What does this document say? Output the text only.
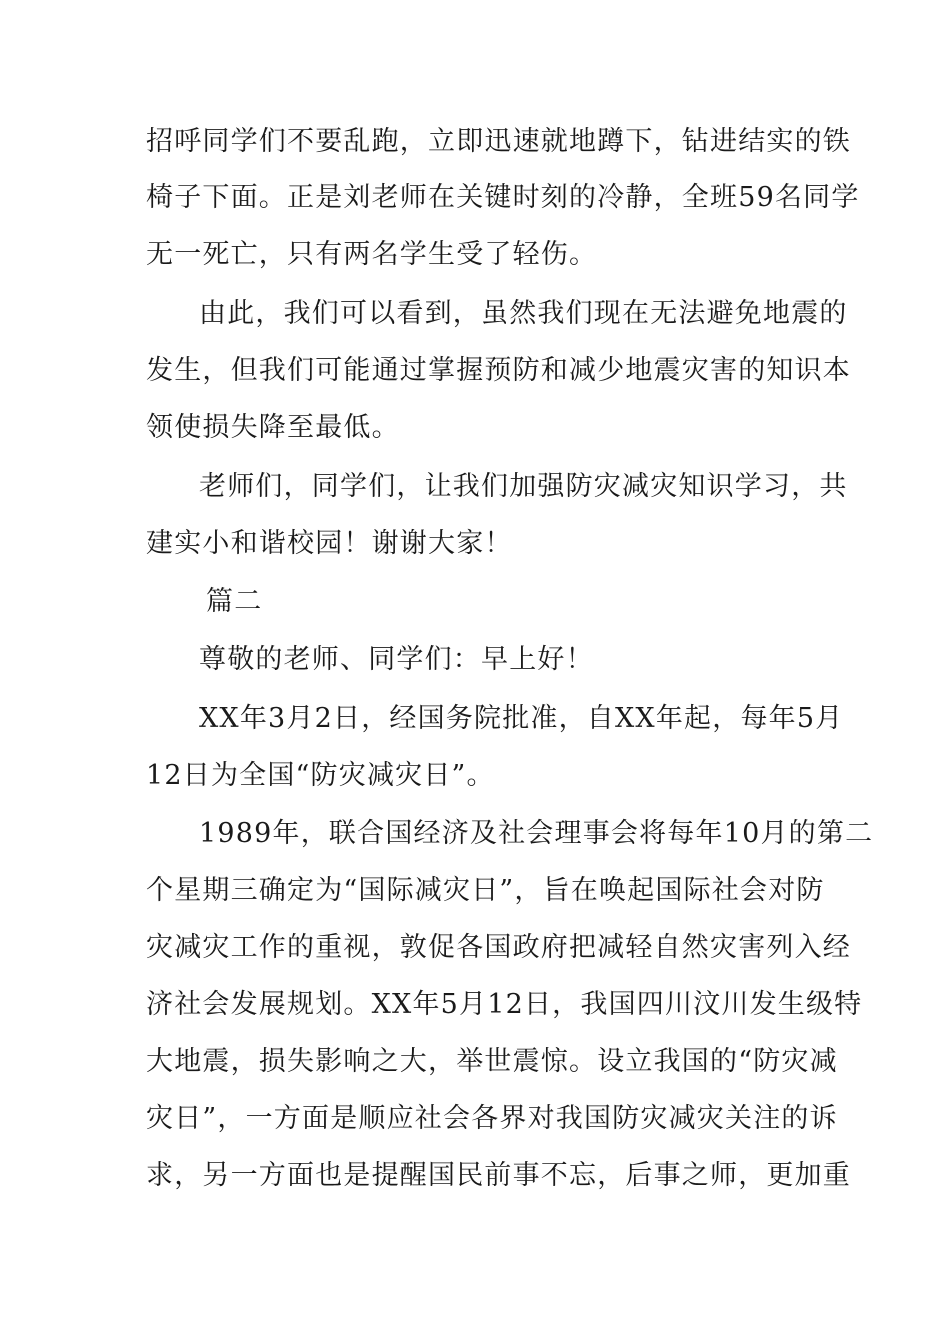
招呼同学们不要乱跑，立即迅速就地蹲下，钻进结实的铁
椅子下面。正是刘老师在关键时刻的冷静，全班59名同学
无一死亡，只有两名学生受了轻伤。
由此，我们可以看到，虽然我们现在无法避免地震的
发生，但我们可能通过掌握预防和减少地震灾害的知识本
领使损失降至最低。
老师们，同学们，让我们加强防灾减灾知识学习，共
建实小和谐校园！谢谢大家！
篇二
尊敬的老师、同学们：早上好！
XX年3月2日，经国务院批准，自XX年起，每年5月
12日为全国“防灾减灾日”。
1989年，联合国经济及社会理事会将每年10月的第二
个星期三确定为“国际减灾日”，旨在唤起国际社会对防
灾减灾工作的重视，敦促各国政府把减轻自然灾害列入经
济社会发展规划。XX年5月12日，我国四川汶川发生级特
大地震，损失影响之大，举世震惊。设立我国的“防灾减
灾日”，一方面是顺应社会各界对我国防灾减灾关注的诉
求，另一方面也是提醒国民前事不忘，后事之师，更加重
